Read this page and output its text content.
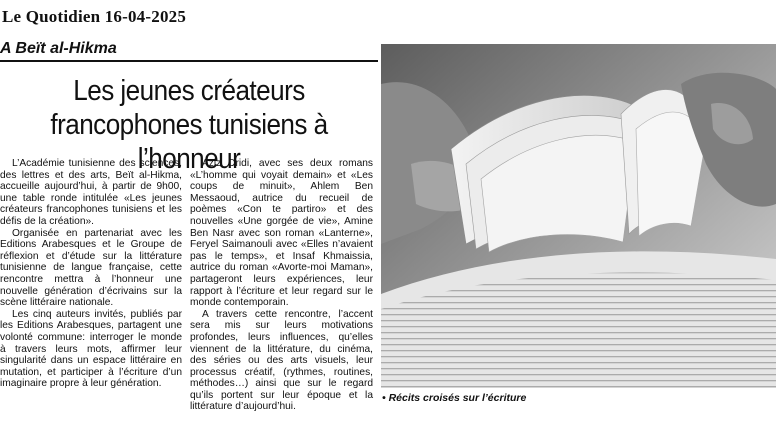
Le Quotidien 16-04-2025
A Beït al-Hikma
Les jeunes créateurs francophones tunisiens à l’honneur

L’Académie tunisienne des sciences, des lettres et des arts, Beït al-Hikma, accueille aujourd’hui, à partir de 9h00, une table ronde intitulée «Les jeunes créateurs francophones tunisiens et les défis de la création».

Organisée en partenariat avec les Editions Arabesques et le Groupe de réflexion et d’étude sur la littérature tunisienne de langue française, cette rencontre mettra à l’honneur une nouvelle génération d’écrivains sur la scène littéraire nationale.

Les cinq auteurs invités, publiés par les Editions Arabesques, partagent une volonté commune: interroger le monde à travers leurs mots, affirmer leur singularité dans un espace littéraire en mutation, et participer à l’écriture d’un imaginaire propre à leur génération.

Aziz Dridi, avec ses deux romans «L’homme qui voyait demain» et «Les coups de minuit», Ahlem Ben Messaoud, autrice du recueil de poèmes «Con te partiro» et des nouvelles «Une gorgée de vie», Amine Ben Nasr avec son roman «Lanterne», Feryel Saimanouli avec «Elles n’avaient pas le temps», et Insaf Khmaissia, autrice du roman «Avorte-moi Maman», partageront leurs expériences, leur rapport à l’écriture et leur regard sur le monde contemporain.

A travers cette rencontre, l’accent sera mis sur leurs motivations profondes, leurs influences, qu’elles viennent de la littérature, du cinéma, des séries ou des arts visuels, leur processus créatif, (rythmes, routines, méthodes…) ainsi que sur le regard qu’ils portent sur leur époque et la littérature d’aujourd’hui.

• Récits croisés sur l’écriture
